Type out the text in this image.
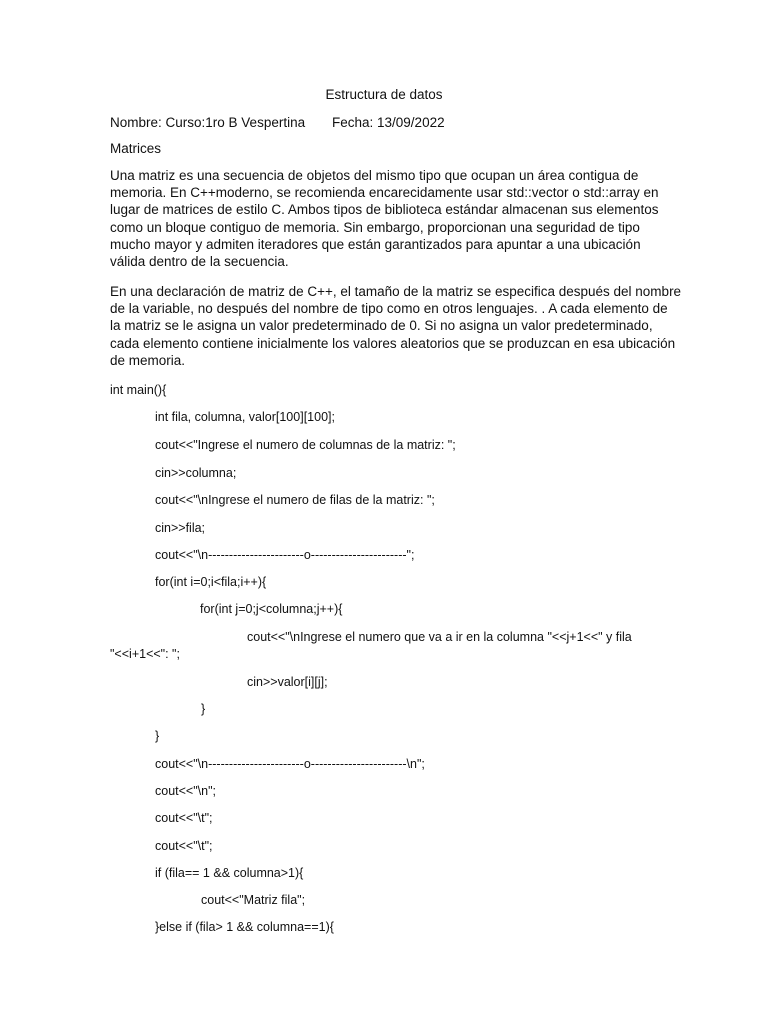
Estructura de datos
Nombre: Curso:1ro B Vespertina Fecha: 13/09/2022
Matrices
Una matriz es una secuencia de objetos del mismo tipo que ocupan un área contigua de
memoria. En C++moderno, se recomienda encarecidamente usar std::vector o std::array en
lugar de matrices de estilo C. Ambos tipos de biblioteca estándar almacenan sus elementos
como un bloque contiguo de memoria. Sin embargo, proporcionan una seguridad de tipo
mucho mayor y admiten iteradores que están garantizados para apuntar a una ubicación
válida dentro de la secuencia.
En una declaración de matriz de C++, el tamaño de la matriz se especifica después del nombre
de la variable, no después del nombre de tipo como en otros lenguajes. . A cada elemento de
la matriz se le asigna un valor predeterminado de 0. Si no asigna un valor predeterminado,
cada elemento contiene inicialmente los valores aleatorios que se produzcan en esa ubicación
de memoria.
int main(){
int fila, columna, valor[100][100];
cout<<"Ingrese el numero de columnas de la matriz: ";
cin>>columna;
cout<<"\nIngrese el numero de filas de la matriz: ";
cin>>fila;
cout<<"\n-----------------------o-----------------------";
for(int i=0;i<fila;i++){
for(int j=0;j<columna;j++){
cout<<"\nIngrese el numero que va a ir en la columna "<<j+1<<" y fila
"<<i+1<<": ";
cin>>valor[i][j];
}
}
cout<<"\n-----------------------o-----------------------\n";
cout<<"\n";
cout<<"\t";
cout<<"\t";
if (fila== 1 && columna>1){
cout<<"Matriz fila";
}else if (fila> 1 && columna==1){
